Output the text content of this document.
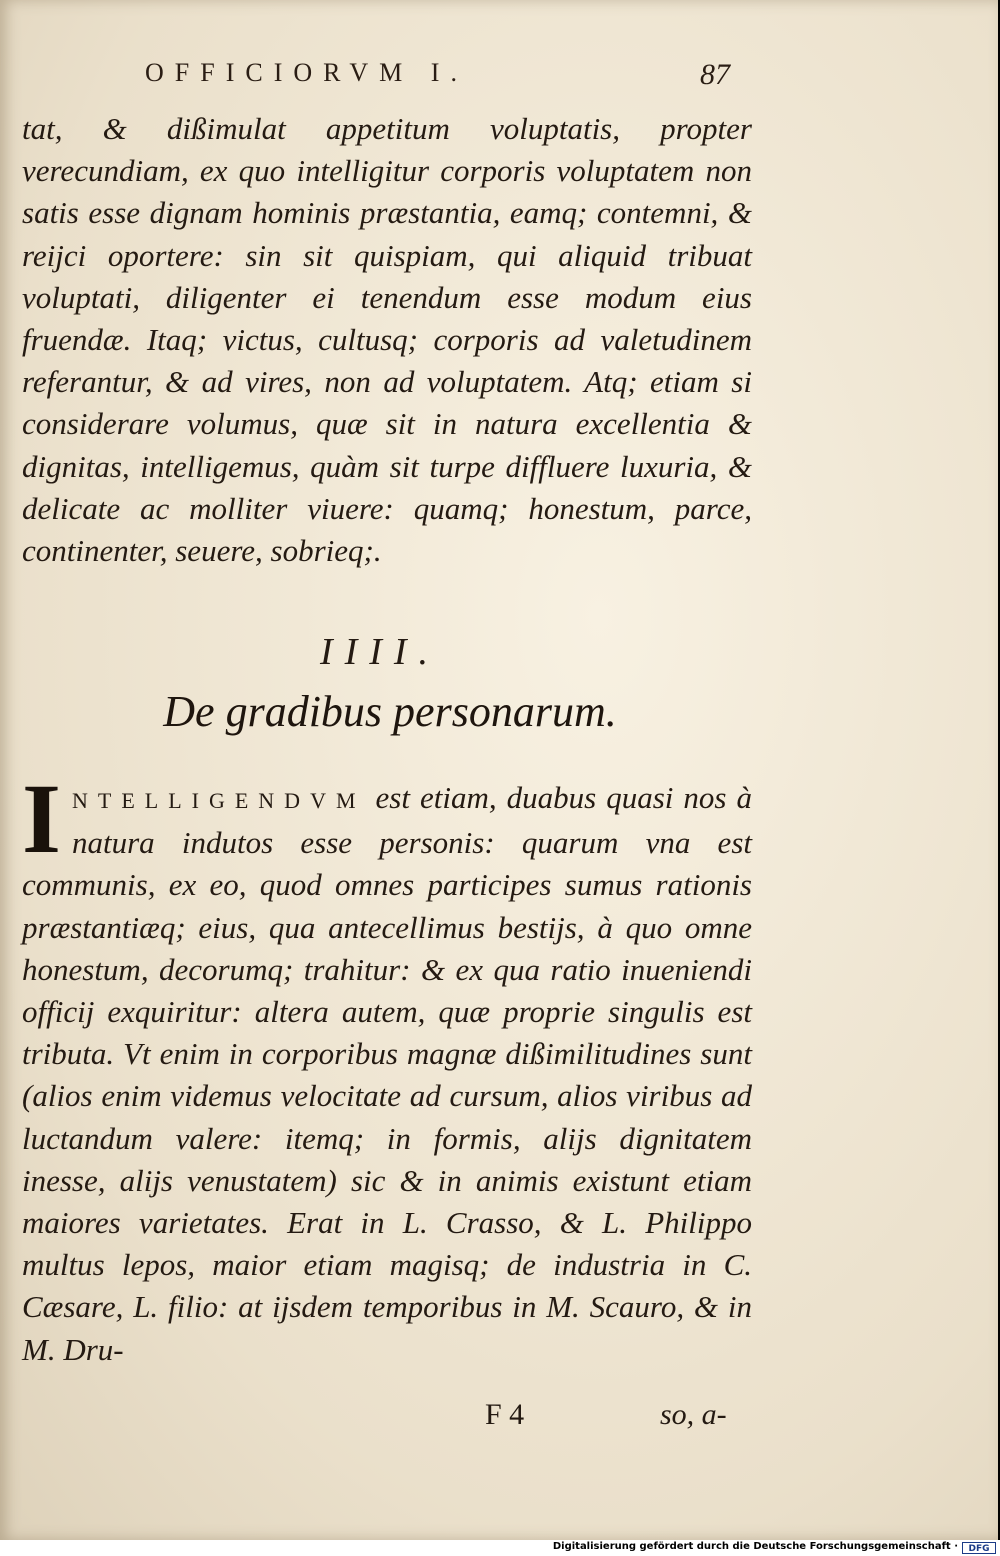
OFFICIORVM I.	87

tat, & dißimulat appetitum voluptatis, propter verecundiam, ex quo intelligitur corporis voluptatem non satis esse dignam hominis præstantia, eamq; contemni, & reijci oportere: sin sit quispiam, qui aliquid tribuat voluptati, diligenter ei tenendum esse modum eius fruendæ. Itaq; victus, cultusq; corporis ad valetudinem referantur, & ad vires, non ad voluptatem. Atq; etiam si considerare volumus, quæ sit in natura excellentia & dignitas, intelligemus, quàm sit turpe diffluere luxuria, & delicate ac molliter viuere: quamq; honestum, parce, continenter, seuere, sobrieq;.

IIII.
De gradibus personarum.
I NTELLIGENDVM est etiam, duabus quasi nos à natura indutos esse personis: quarum vna est communis, ex eo, quod omnes participes sumus rationis præstantiæq; eius, qua antecellimus bestijs, à quo omne honestum, decorumq; trahitur: & ex qua ratio inueniendi officij exquiritur: altera autem, quæ proprie singulis est tributa. Vt enim in corporibus magnæ dißimilitudines sunt (alios enim videmus velocitate ad cursum, alios viribus ad luctandum valere: itemq; in formis, alijs dignitatem inesse, alijs venustatem) sic & in animis existunt etiam maiores varietates. Erat in L. Crasso, & L. Philippo multus lepos, maior etiam magisq; de industria in C. Cæsare, L. filio: at ijsdem temporibus in M. Scauro, & in M. Dru-

F 4	so, a-
Digitalisierung gefördert durch die Deutsche Forschungsgemeinschaft ·	DFG
